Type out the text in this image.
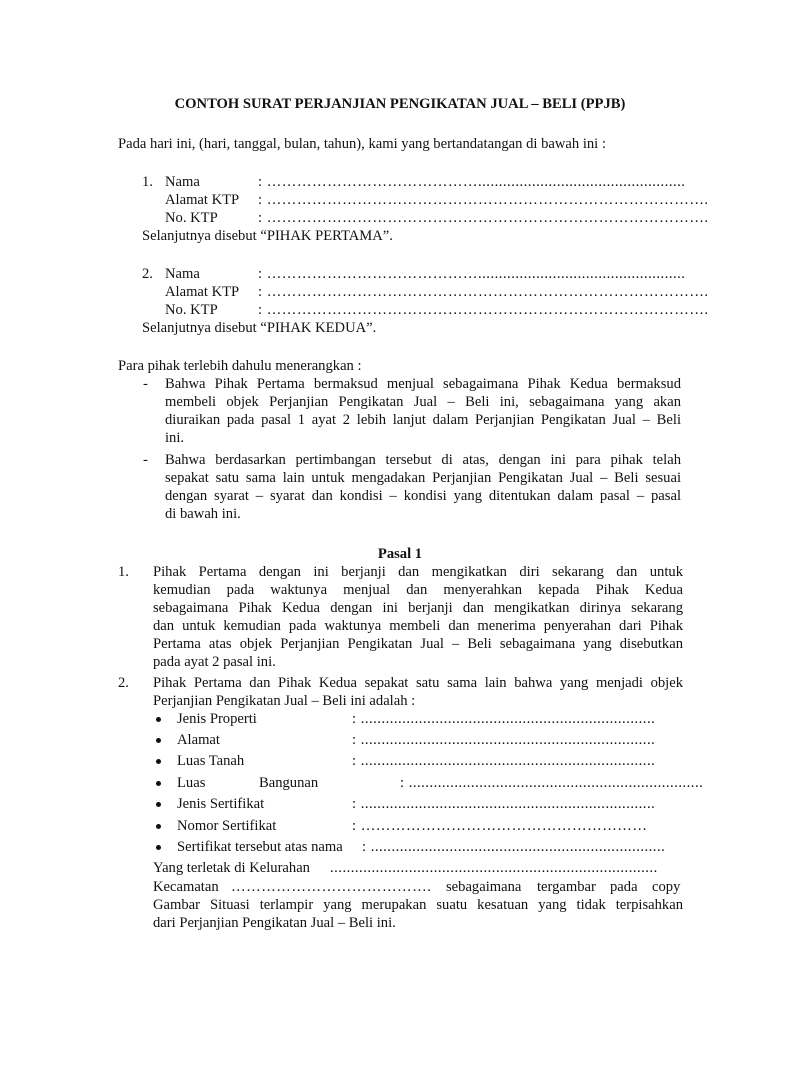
CONTOH SURAT PERJANJIAN PENGIKATAN JUAL – BELI (PPJB)
Pada hari ini, (hari, tanggal, bulan, tahun), kami yang bertandatangan di bawah ini :
1. Nama	: ……………………………………..................................................
Alamat KTP : …………………………………………………………………………….
No. KTP	: …………………………………………………………………………….
Selanjutnya disebut “PIHAK PERTAMA”.
2. Nama	: ……………………………………..................................................
Alamat KTP : …………………………………………………………………………….
No. KTP	: …………………………………………………………………………….
Selanjutnya disebut “PIHAK KEDUA”.
Para pihak terlebih dahulu menerangkan :
- Bahwa Pihak Pertama bermaksud menjual sebagaimana Pihak Kedua bermaksud
membeli objek Perjanjian Pengikatan Jual – Beli ini, sebagaimana yang akan
diuraikan pada pasal 1 ayat 2 lebih lanjut dalam Perjanjian Pengikatan Jual – Beli
ini.
- Bahwa berdasarkan pertimbangan tersebut di atas, dengan ini para pihak telah
sepakat satu sama lain untuk mengadakan Perjanjian Pengikatan Jual – Beli sesuai
dengan syarat – syarat dan kondisi – kondisi yang ditentukan dalam pasal – pasal
di bawah ini.
Pasal 1
1. Pihak Pertama dengan ini berjanji dan mengikatkan diri sekarang dan untuk
kemudian pada waktunya menjual dan menyerahkan kepada Pihak Kedua
sebagaimana Pihak Kedua dengan ini berjanji dan mengikatkan dirinya sekarang
dan untuk kemudian pada waktunya membeli dan menerima penyerahan dari Pihak
Pertama atas objek Perjanjian Pengikatan Jual – Beli sebagaimana yang disebutkan
pada ayat 2 pasal ini.
2. Pihak Pertama dan Pihak Kedua sepakat satu sama lain bahwa yang menjadi objek
Perjanjian Pengikatan Jual – Beli ini adalah :
Jenis Properti	: .......................................................................
Alamat	: .......................................................................
Luas Tanah	: .......................................................................
Luas	Bangunan	: .......................................................................
Jenis Sertifikat	: .......................................................................
Nomor Sertifikat	: …………………………………………………
Sertifikat tersebut atas nama : .......................................................................
Yang terletak di Kelurahan ...............................................................................
Kecamatan ………………………………….	sebagaimana tergambar pada copy
Gambar Situasi terlampir yang merupakan suatu kesatuan yang tidak terpisahkan
dari Perjanjian Pengikatan Jual – Beli ini.
